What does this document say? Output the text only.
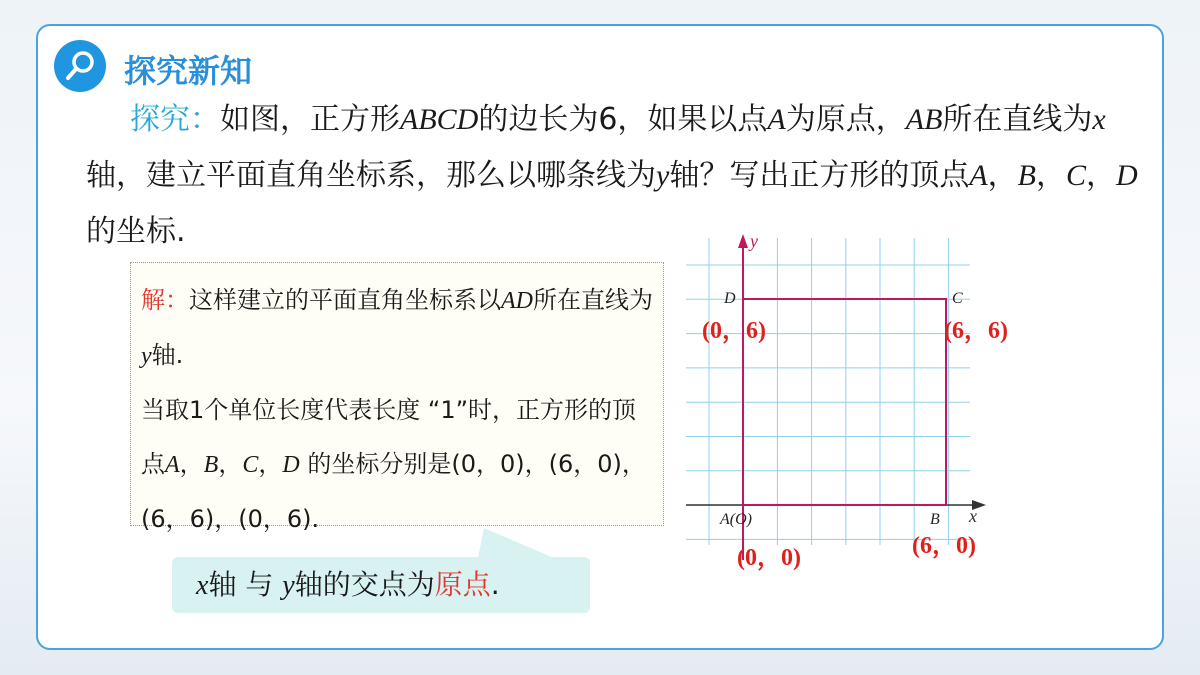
探究新知
探究：如图，正方形ABCD的边长为6，如果以点A为原点，AB所在直线为x轴，建立平面直角坐标系，那么以哪条线为y轴？写出正方形的顶点A，B，C，D的坐标.
解：这样建立的平面直角坐标系以AD所在直线为y轴.
当取1个单位长度代表长度 “1”时，正方形的顶点A，B，C，D 的坐标分别是(0，0)，(6，0)，(6，6)，(0，6).
x轴 与 y轴的交点为原点.
y
x
D	C
A(O)	B
(0，6)	(6，6)
(0，0)	(6，0)
